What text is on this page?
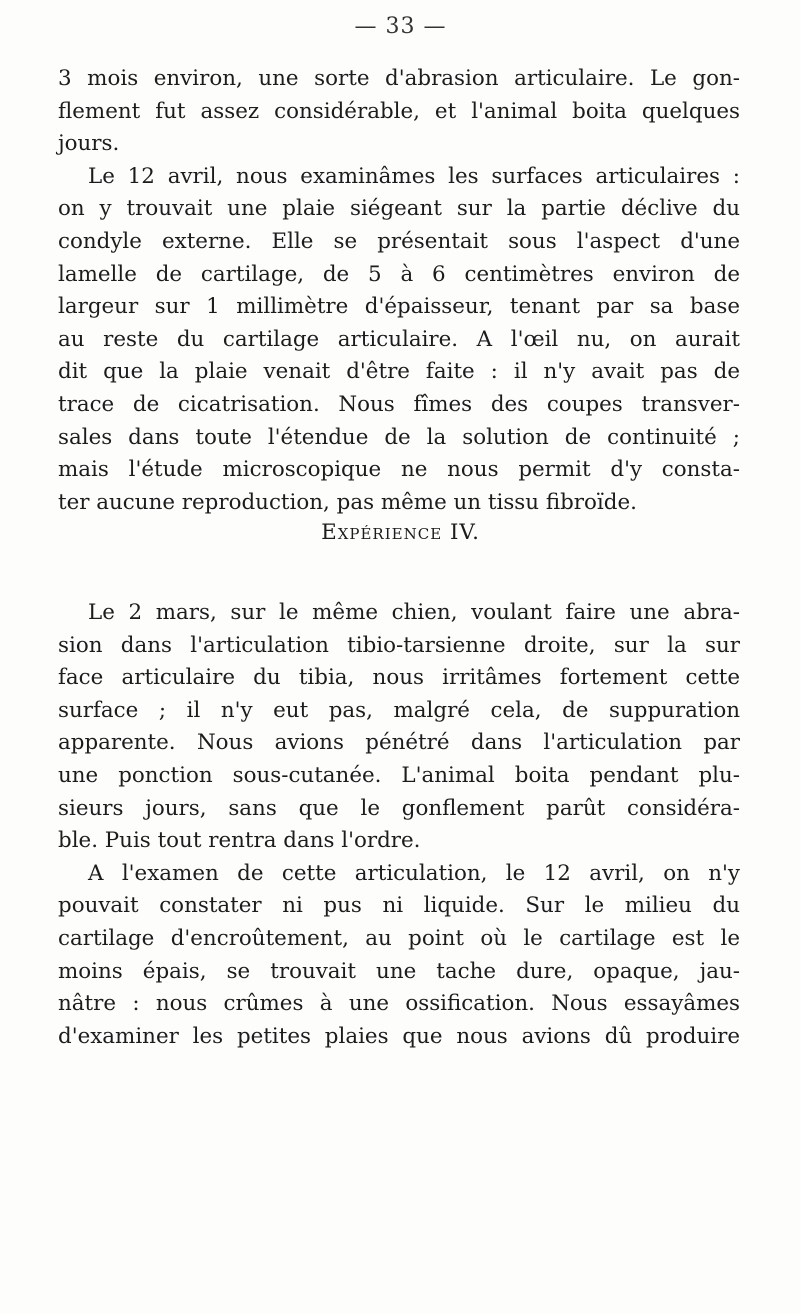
— 33 —
3 mois environ, une sorte d'abrasion articulaire. Le gon-
flement fut assez considérable, et l'animal boita quelques
jours.
Le 12 avril, nous examinâmes les surfaces articulaires :
on y trouvait une plaie siégeant sur la partie déclive du
condyle externe. Elle se présentait sous l'aspect d'une
lamelle de cartilage, de 5 à 6 centimètres environ de
largeur sur 1 millimètre d'épaisseur, tenant par sa base
au reste du cartilage articulaire. A l'œil nu, on aurait
dit que la plaie venait d'être faite : il n'y avait pas de
trace de cicatrisation. Nous fîmes des coupes transver-
sales dans toute l'étendue de la solution de continuité ;
mais l'étude microscopique ne nous permit d'y consta-
ter aucune reproduction, pas même un tissu fibroïde.
Expérience IV.
Le 2 mars, sur le même chien, voulant faire une abra-
sion dans l'articulation tibio-tarsienne droite, sur la sur
face articulaire du tibia, nous irritâmes fortement cette
surface ; il n'y eut pas, malgré cela, de suppuration
apparente. Nous avions pénétré dans l'articulation par
une ponction sous-cutanée. L'animal boita pendant plu-
sieurs jours, sans que le gonflement parût considéra-
ble. Puis tout rentra dans l'ordre.
A l'examen de cette articulation, le 12 avril, on n'y
pouvait constater ni pus ni liquide. Sur le milieu du
cartilage d'encroûtement, au point où le cartilage est le
moins épais, se trouvait une tache dure, opaque, jau-
nâtre : nous crûmes à une ossification. Nous essayâmes
d'examiner les petites plaies que nous avions dû produire
